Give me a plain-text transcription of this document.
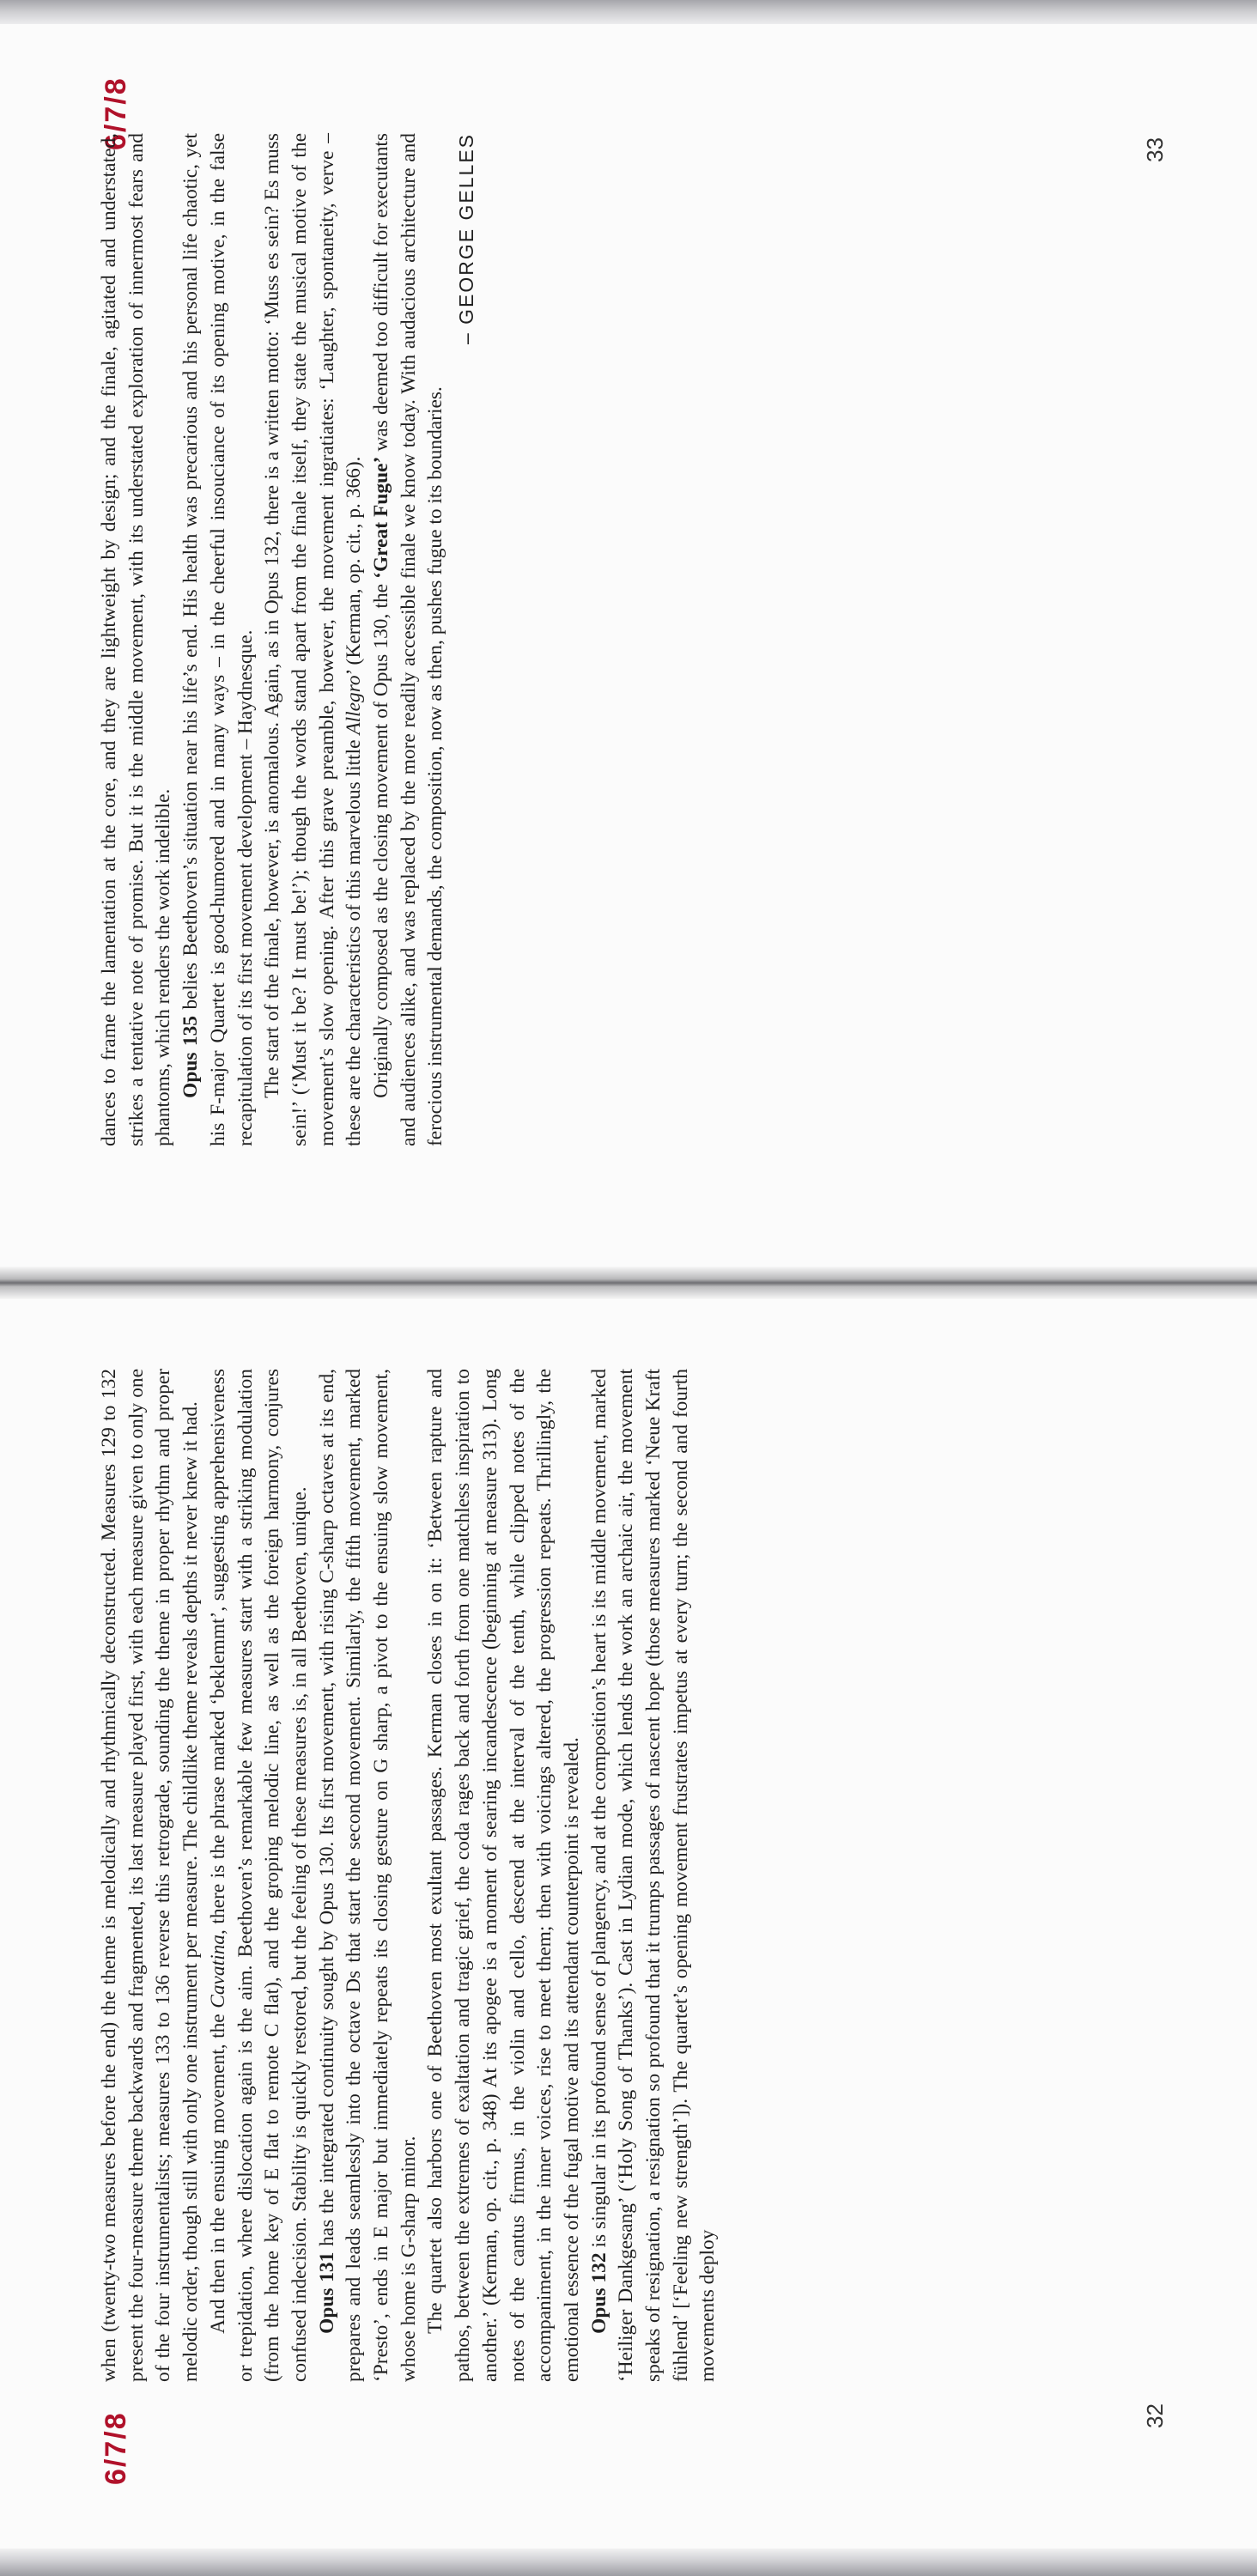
6/7/8

when (twenty-two measures before the end) the theme is melodically and rhythmically deconstructed. Measures 129 to 132 present the four-measure theme backwards and fragmented, its last measure played first, with each measure given to only one of the four instrumentalists; measures 133 to 136 reverse this retrograde, sounding the theme in proper rhythm and proper melodic order, though still with only one instrument per measure. The childlike theme reveals depths it never knew it had. And then in the ensuing movement, the Cavatina, there is the phrase marked ‘beklemmt’, suggesting apprehensiveness or trepidation, where dislocation again is the aim. Beethoven’s remarkable few measures start with a striking modulation (from the home key of E flat to remote C flat), and the groping melodic line, as well as the foreign harmony, conjures confused indecision. Stability is quickly restored, but the feeling of these measures is, in all Beethoven, unique. Opus 131 has the integrated continuity sought by Opus 130. Its first movement, with rising C-sharp octaves at its end, prepares and leads seamlessly into the octave Ds that start the second movement. Similarly, the fifth movement, marked ‘Presto’, ends in E major but immediately repeats its closing gesture on G sharp, a pivot to the ensuing slow movement, whose home is G-sharp minor. The quartet also harbors one of Beethoven most exultant passages. Kerman closes in on it: ‘Between rapture and pathos, between the extremes of exaltation and tragic grief, the coda rages back and forth from one matchless inspiration to another.’ (Kerman, op. cit., p. 348) At its apogee is a moment of searing incandescence (beginning at measure 313). Long notes of the cantus firmus, in the violin and cello, descend at the interval of the tenth, while clipped notes of the accompaniment, in the inner voices, rise to meet them; then with voicings altered, the progression repeats. Thrillingly, the emotional essence of the fugal motive and its attendant counterpoint is revealed. Opus 132 is singular in its profound sense of plangency, and at the composition’s heart is its middle movement, marked ‘Heiliger Dankgesang’ (‘Holy Song of Thanks’). Cast in Lydian mode, which lends the work an archaic air, the movement speaks of resignation, a resignation so profound that it trumps passages of nascent hope (those measures marked ‘Neue Kraft fühlend’ [‘Feeling new strength’]). The quartet’s opening movement frustrates impetus at every turn; the second and fourth movements deploy

32
6/7/8

dances to frame the lamentation at the core, and they are lightweight by design; and the finale, agitated and understated, strikes a tentative note of promise. But it is the middle movement, with its understated exploration of innermost fears and phantoms, which renders the work indelible. Opus 135 belies Beethoven’s situation near his life’s end. His health was precarious and his personal life chaotic, yet his F-major Quartet is good-humored and in many ways – in the cheerful insouciance of its opening motive, in the false recapitulation of its first movement development – Haydnesque. The start of the finale, however, is anomalous. Again, as in Opus 132, there is a written motto: ‘Muss es sein? Es muss sein!’ (‘Must it be? It must be!’); though the words stand apart from the finale itself, they state the musical motive of the movement’s slow opening. After this grave preamble, however, the movement ingratiates: ‘Laughter, spontaneity, verve – these are the characteristics of this marvelous little Allegro’ (Kerman, op. cit., p. 366).

Originally composed as the closing movement of Opus 130, the ‘Great Fugue’ was deemed too difficult for executants and audiences alike, and was replaced by the more readily accessible finale we know today. With audacious architecture and ferocious instrumental demands, the composition, now as then, pushes fugue to its boundaries.

– GEORGE GELLES	33
